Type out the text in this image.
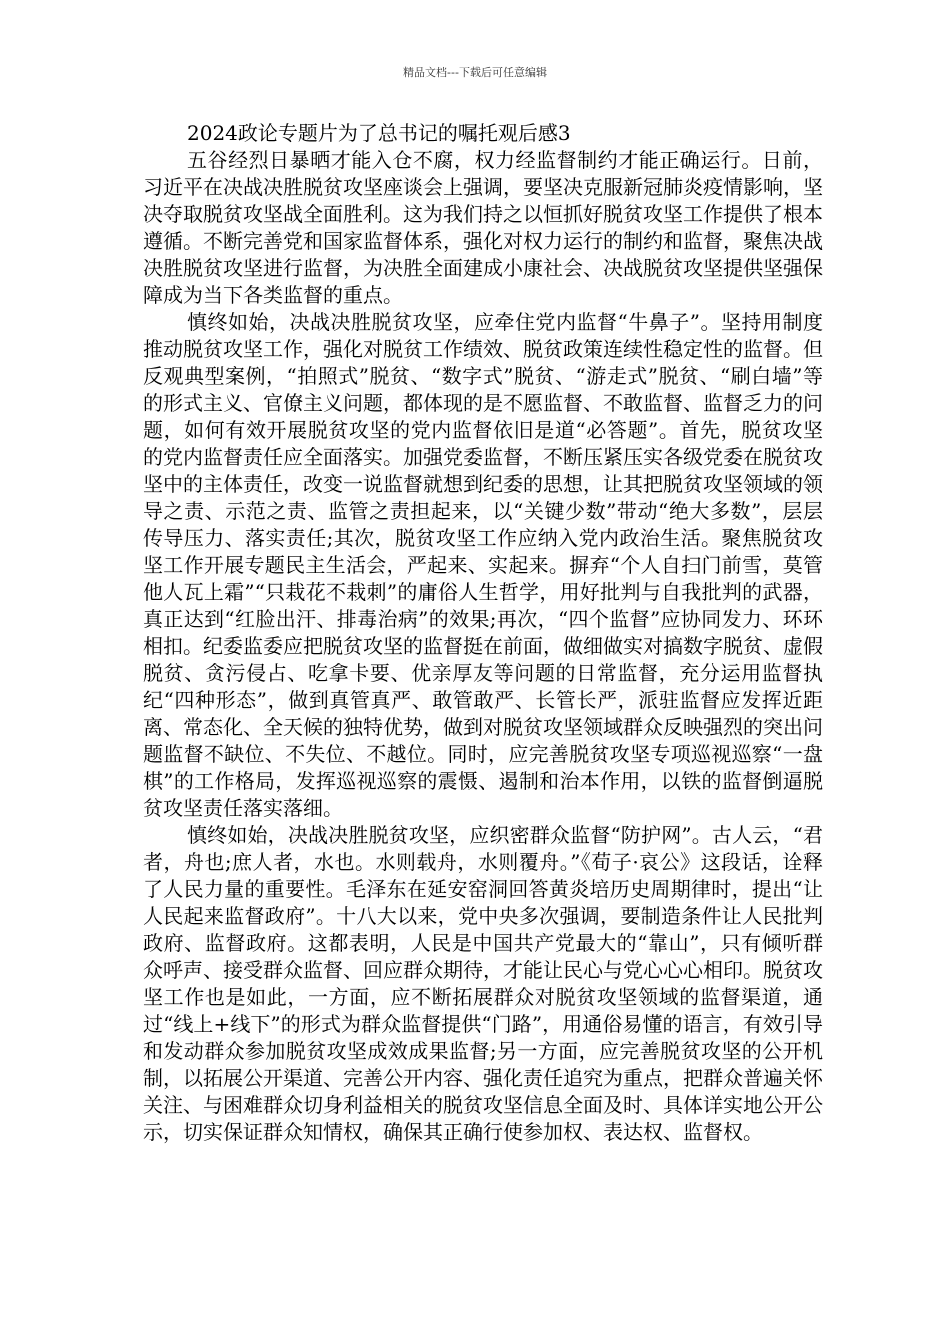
精品文档---下载后可任意编辑
2024政论专题片为了总书记的嘱托观后感3

五谷经烈日暴晒才能入仓不腐，权力经监督制约才能正确运行。日前，习近平在决战决胜脱贫攻坚座谈会上强调，要坚决克服新冠肺炎疫情影响，坚决夺取脱贫攻坚战全面胜利。这为我们持之以恒抓好脱贫攻坚工作提供了根本遵循。不断完善党和国家监督体系，强化对权力运行的制约和监督，聚焦决战决胜脱贫攻坚进行监督，为决胜全面建成小康社会、决战脱贫攻坚提供坚强保障成为当下各类监督的重点。

慎终如始，决战决胜脱贫攻坚，应牵住党内监督“牛鼻子”。坚持用制度推动脱贫攻坚工作，强化对脱贫工作绩效、脱贫政策连续性稳定性的监督。但反观典型案例，“拍照式”脱贫、“数字式”脱贫、“游走式”脱贫、“刷白墙”等的形式主义、官僚主义问题，都体现的是不愿监督、不敢监督、监督乏力的问题，如何有效开展脱贫攻坚的党内监督依旧是道“必答题”。首先，脱贫攻坚的党内监督责任应全面落实。加强党委监督，不断压紧压实各级党委在脱贫攻坚中的主体责任，改变一说监督就想到纪委的思想，让其把脱贫攻坚领域的领导之责、示范之责、监管之责担起来，以“关键少数”带动“绝大多数”，层层传导压力、落实责任;其次，脱贫攻坚工作应纳入党内政治生活。聚焦脱贫攻坚工作开展专题民主生活会，严起来、实起来。摒弃“个人自扫门前雪，莫管他人瓦上霜”“只栽花不栽刺”的庸俗人生哲学，用好批判与自我批判的武器，真正达到“红脸出汗、排毒治病”的效果;再次，“四个监督”应协同发力、环环相扣。纪委监委应把脱贫攻坚的监督挺在前面，做细做实对搞数字脱贫、虚假脱贫、贪污侵占、吃拿卡要、优亲厚友等问题的日常监督，充分运用监督执纪“四种形态”，做到真管真严、敢管敢严、长管长严，派驻监督应发挥近距离、常态化、全天候的独特优势，做到对脱贫攻坚领域群众反映强烈的突出问题监督不缺位、不失位、不越位。同时，应完善脱贫攻坚专项巡视巡察“一盘棋”的工作格局，发挥巡视巡察的震慑、遏制和治本作用，以铁的监督倒逼脱贫攻坚责任落实落细。

慎终如始，决战决胜脱贫攻坚，应织密群众监督“防护网”。古人云，“君者，舟也;庶人者，水也。水则载舟，水则覆舟。”《荀子·哀公》这段话，诠释了人民力量的重要性。毛泽东在延安窑洞回答黄炎培历史周期律时，提出“让人民起来监督政府”。十八大以来，党中央多次强调，要制造条件让人民批判政府、监督政府。这都表明，人民是中国共产党最大的“靠山”，只有倾听群众呼声、接受群众监督、回应群众期待，才能让民心与党心心心相印。脱贫攻坚工作也是如此，一方面，应不断拓展群众对脱贫攻坚领域的监督渠道，通过“线上+线下”的形式为群众监督提供“门路”，用通俗易懂的语言，有效引导和发动群众参加脱贫攻坚成效成果监督;另一方面，应完善脱贫攻坚的公开机制，以拓展公开渠道、完善公开内容、强化责任追究为重点，把群众普遍关怀关注、与困难群众切身利益相关的脱贫攻坚信息全面及时、具体详实地公开公示，切实保证群众知情权，确保其正确行使参加权、表达权、监督权。
